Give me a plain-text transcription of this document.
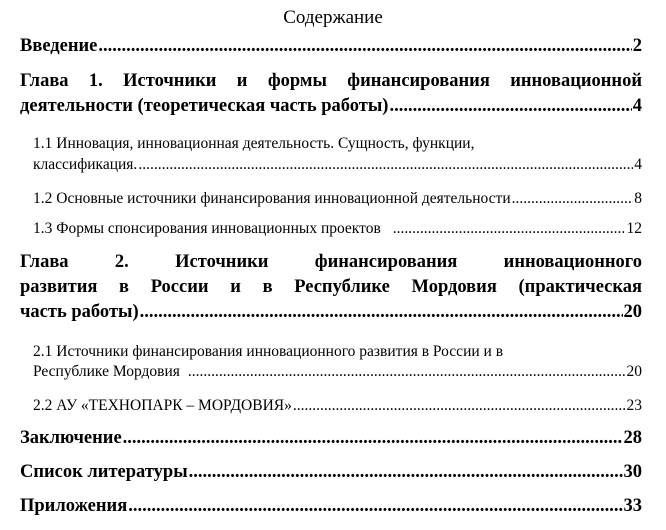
Содержание
Введение .....	2
Глава 1. Источники и формы финансирования инновационной
деятельности (теоретическая часть работы) .....	4
1.1 Инновация, инновационная деятельность. Сущность, функции,
классификация. .....	4
1.2 Основные источники финансирования инновационной деятельности .....	8
1.3 Формы спонсирования инновационных проектов .....	12
Глава 2. Источники финансирования инновационного
развития в России и в Республике Мордовия (практическая
часть работы) .....	20
2.1 Источники финансирования инновационного развития в России и в
Республике Мордовия .....	20
2.2 АУ «ТЕХНОПАРК – МОРДОВИЯ» .....	23
Заключение .....	28
Список литературы .....	30
Приложения .....	33
